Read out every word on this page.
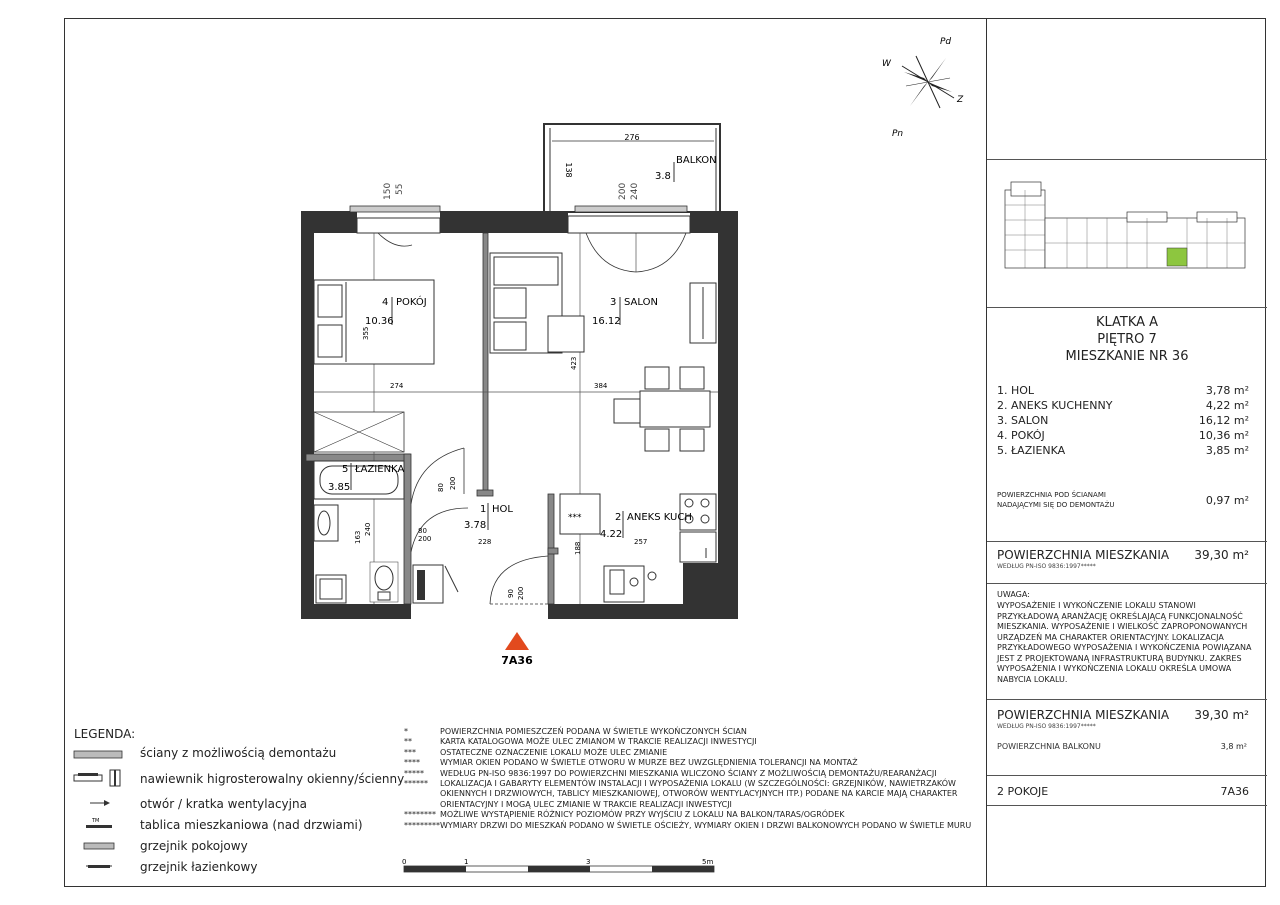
276
138
BALKON
3.8
4 POKÓJ
10.36
355
274
3 SALON
16.12
423
384
5 ŁAZIENKA
3.85
163
240
80 200
80
200
1 HOL
3.78
228
90 200
188
***	2 ANEKS KUCH
4.22
257
150 55	200 240
7A36
W
Pd
Z
Pn
0	1	3	5m
LEGENDA:
TM
ściany z możliwością demontażu
nawiewnik higrosterowalny okienny/ścienny
otwór / kratka wentylacyjna
tablica mieszkaniowa (nad drzwiami)
grzejnik pokojowy
grzejnik łazienkowy
*	POWIERZCHNIA POMIESZCZEŃ PODANA W ŚWIETLE WYKOŃCZONYCH ŚCIAN
**	KARTA KATALOGOWA MOŻE ULEC ZMIANOM W TRAKCIE REALIZACJI INWESTYCJI
***	OSTATECZNE OZNACZENIE LOKALU MOŻE ULEC ZMIANIE
****	WYMIAR OKIEN PODANO W ŚWIETLE OTWORU W MURZE BEZ UWZGLĘDNIENIA TOLERANCJI NA MONTAŻ
*****	WEDŁUG PN-ISO 9836:1997 DO POWIERZCHNI MIESZKANIA WLICZONO ŚCIANY Z MOŻLIWOŚCIĄ DEMONTAŻU/REARANŻACJI
******	LOKALIZACJA I GABARYTY ELEMENTÓW INSTALACJI I WYPOSAŻENIA LOKALU (W SZCZEGÓLNOŚCI: GRZEJNIKÓW, NAWIETRZAKÓW
OKIENNYCH I DRZWIOWYCH, TABLICY MIESZKANIOWEJ, OTWORÓW WENTYLACYJNYCH ITP.) PODANE NA KARCIE MAJĄ CHARAKTER
ORIENTACYJNY I MOGĄ ULEC ZMIANIE W TRAKCIE REALIZACJI INWESTYCJI
******** MOŻLIWE WYSTĄPIENIE RÓŻNICY POZIOMÓW PRZY WYJŚCIU Z LOKALU NA BALKON/TARAS/OGRÓDEK
********* WYMIARY DRZWI DO MIESZKAŃ PODANO W ŚWIETLE OŚCIEŻY, WYMIARY OKIEN I DRZWI BALKONOWYCH PODANO W ŚWIETLE MURU
KLATKA A
PIĘTRO 7
MIESZKANIE NR 36
1. HOL	3,78 m²
2. ANEKS KUCHENNY	4,22 m²
3. SALON	16,12 m²
4. POKÓJ	10,36 m²
5. ŁAZIENKA	3,85 m²
POWIERZCHNIA POD ŚCIANAMI
NADAJĄCYMI SIĘ DO DEMONTAŻU	0,97 m²
POWIERZCHNIA MIESZKANIA
WEDŁUG PN-ISO 9836:1997*****
39,30 m²
UWAGA:
WYPOSAŻENIE I WYKOŃCZENIE LOKALU STANOWI
PRZYKŁADOWĄ ARANŻACJĘ OKREŚLAJĄCĄ FUNKCJONALNOŚĆ
MIESZKANIA. WYPOSAŻENIE I WIELKOŚĆ ZAPROPONOWANYCH
URZĄDZEŃ MA CHARAKTER ORIENTACYJNY. LOKALIZACJA
PRZYKŁADOWEGO WYPOSAŻENIA I WYKOŃCZENIA POWIĄZANA
JEST Z PROJEKTOWANĄ INFRASTRUKTURĄ BUDYNKU. ZAKRES
WYPOSAŻENIA I WYKOŃCZENIA LOKALU OKREŚLA UMOWA
NABYCIA LOKALU.
POWIERZCHNIA MIESZKANIA
WEDŁUG PN-ISO 9836:1997*****
39,30 m²
POWIERZCHNIA BALKONU	3,8 m²
2 POKOJE	7A36
